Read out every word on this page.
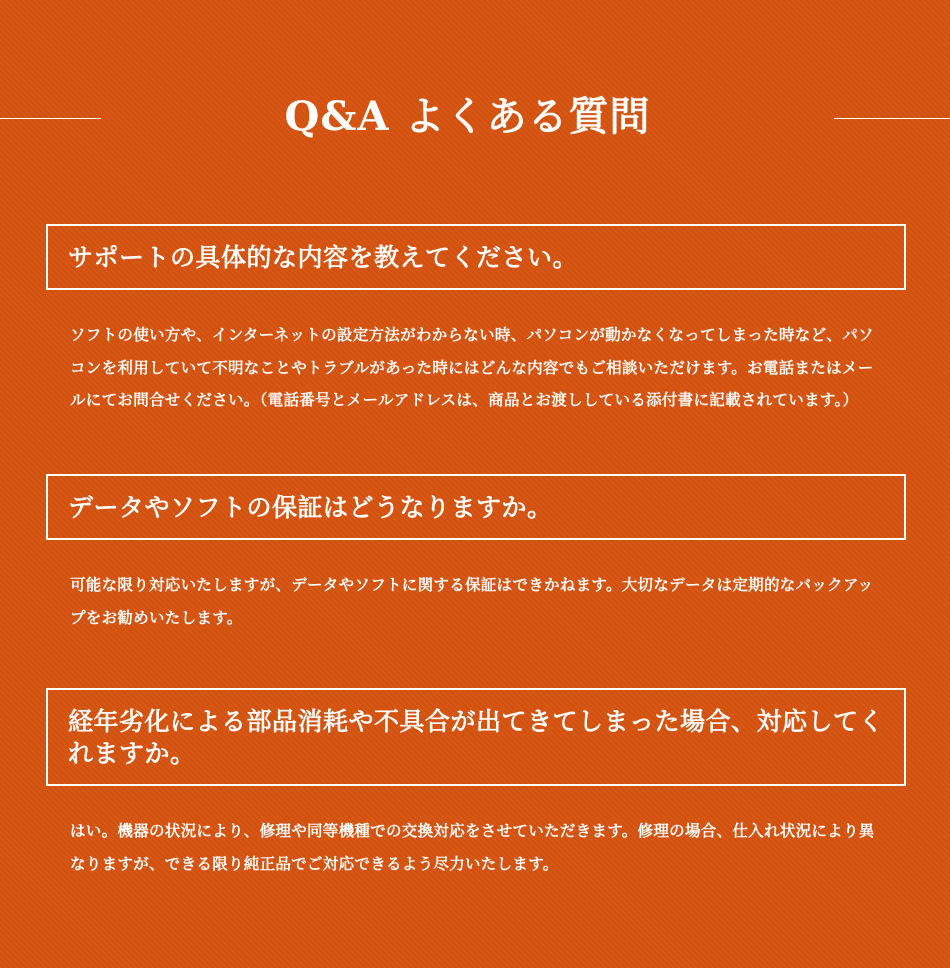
Q&A よくある質問
サポートの具体的な内容を教えてください。

ソフトの使い方や、インターネットの設定方法がわからない時、パソコンが動かなくなってしまった時など、パソコンを利用していて不明なことやトラブルがあった時にはどんな内容でもご相談いただけます。お電話またはメールにてお問合せください。（電話番号とメールアドレスは、商品とお渡ししている添付書に記載されています。）

データやソフトの保証はどうなりますか。

可能な限り対応いたしますが、データやソフトに関する保証はできかねます。大切なデータは定期的なバックアップをお勧めいたします。

経年劣化による部品消耗や不具合が出てきてしまった場合、対応してくれますか。

はい。機器の状況により、修理や同等機種での交換対応をさせていただきます。修理の場合、仕入れ状況により異なりますが、できる限り純正品でご対応できるよう尽力いたします。
